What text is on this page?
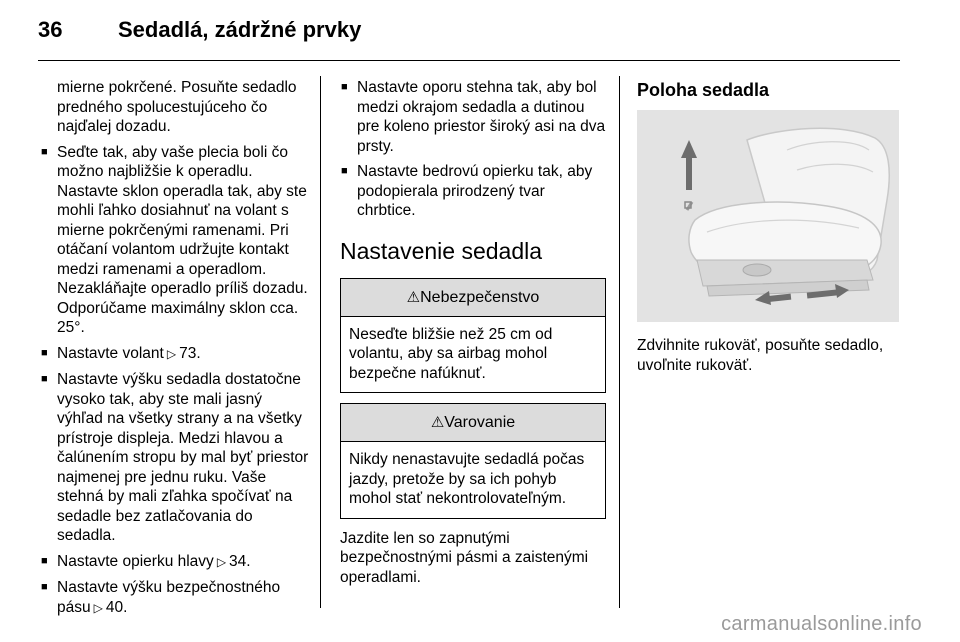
36	Sedadlá, zádržné prvky

mierne pokrčené. Posuňte sedadlo predného spolucestujúceho čo najďalej dozadu.

■ Seďte tak, aby vaše plecia boli čo možno najbližšie k operadlu. Nastavte sklon operadla tak, aby ste mohli ľahko dosiahnuť na volant s mierne pokrčenými ramenami. Pri otáčaní volantom udržujte kontakt medzi ramenami a operadlom. Nezakláňajte operadlo príliš dozadu. Odporúčame maximálny sklon cca. 25°.
■ Nastavte volant ▷ 73.
■ Nastavte výšku sedadla dostatočne vysoko tak, aby ste mali jasný výhľad na všetky strany a na všetky prístroje displeja. Medzi hlavou a čalúnením stropu by mal byť priestor najmenej pre jednu ruku. Vaše stehná by mali zľahka spočívať na sedadle bez zatlačovania do sedadla.
■ Nastavte opierku hlavy ▷ 34.
■ Nastavte výšku bezpečnostného pásu ▷ 40.
■ Nastavte oporu stehna tak, aby bol medzi okrajom sedadla a dutinou pre koleno priestor široký asi na dva prsty.
■ Nastavte bedrovú opierku tak, aby podopierala prirodzený tvar chrbtice.
Nastavenie sedadla
⚠Nebezpečenstvo
Neseďte bližšie než 25 cm od volantu, aby sa airbag mohol bezpečne nafúknuť.
⚠Varovanie
Nikdy nenastavujte sedadlá počas jazdy, pretože by sa ich pohyb mohol stať nekontrolovateľným.

Jazdite len so zapnutými bezpečnostnými pásmi a zaistenými operadlami.

Poloha sedadla

Zdvihnite rukoväť, posuňte sedadlo, uvoľnite rukoväť.

carmanualsonline.info
